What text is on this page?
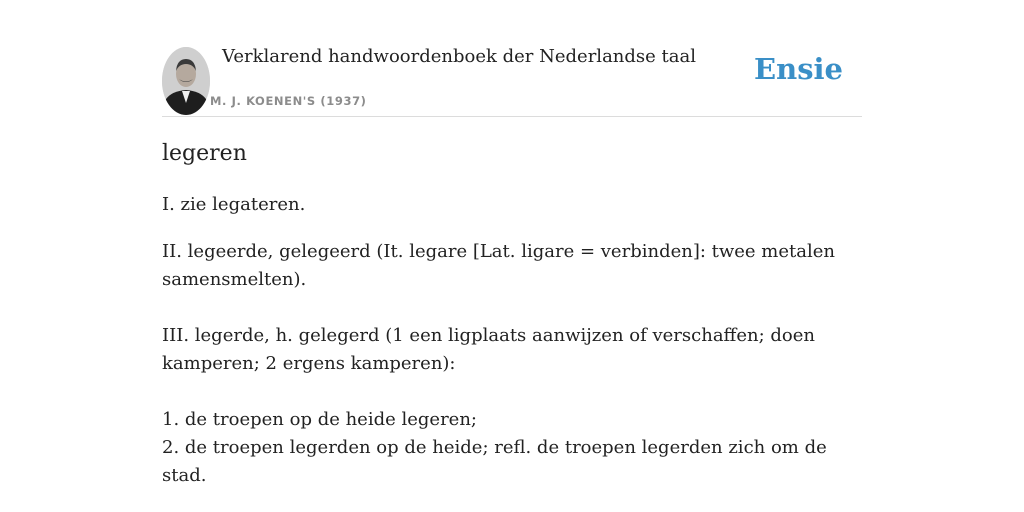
Verklarend handwoordenboek der Nederlandse taal
M. J. KOENEN'S (1937)
Ensie
legeren

I. zie legateren.

II. legeerde, gelegeerd (It. legare [Lat. ligare = verbinden]: twee metalen samensmelten).

III. legerde, h. gelegerd (1 een ligplaats aanwijzen of verschaffen; doen kamperen; 2 ergens kamperen):

1. de troepen op de heide legeren;

2. de troepen legerden op de heide; refl. de troepen legerden zich om de stad.
